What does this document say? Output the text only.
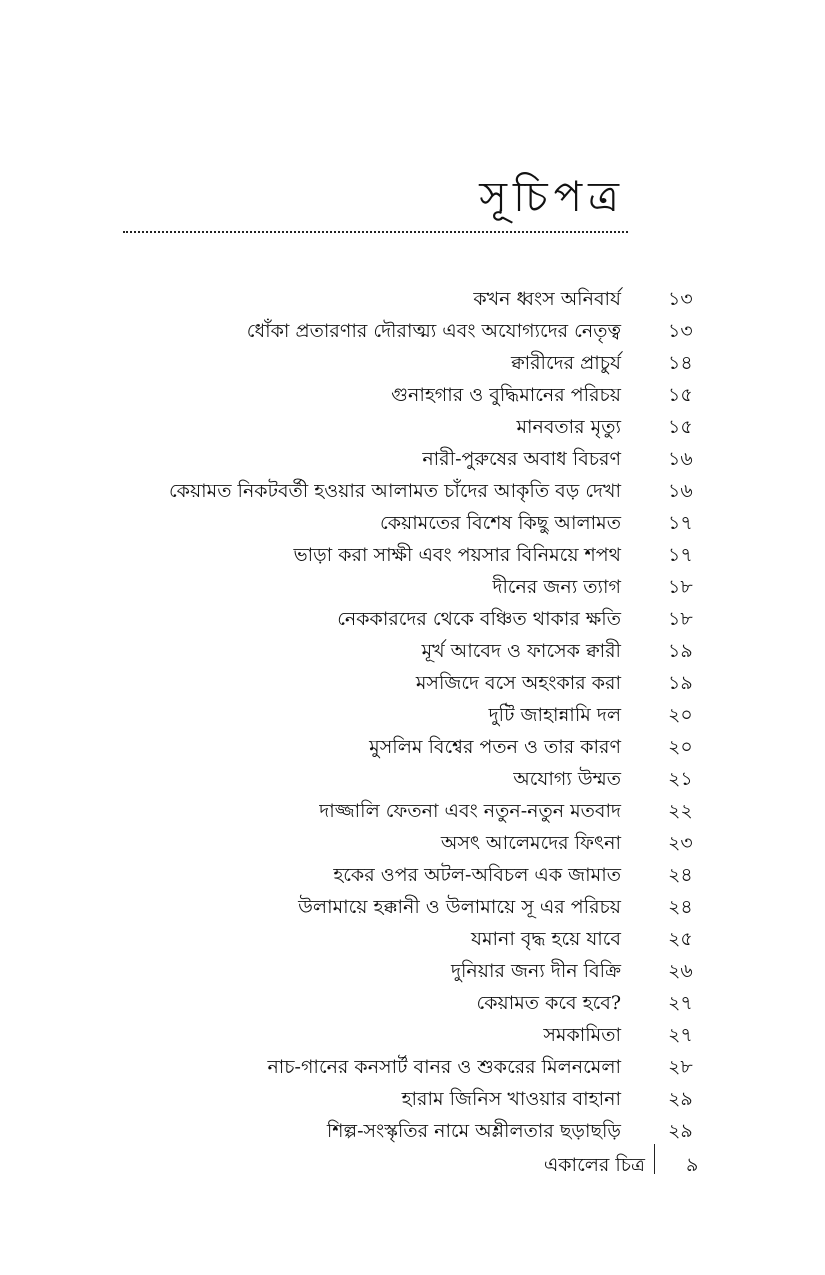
সূচিপত্র
কখন ধ্বংস অনিবার্য ১৩
ধোঁকা প্রতারণার দৌরাত্ম্য এবং অযোগ্যদের নেতৃত্ব ১৩
ক্বারীদের প্রাচুর্য ১৪
গুনাহগার ও বুদ্ধিমানের পরিচয় ১৫
মানবতার মৃত্যু ১৫
নারী-পুরুষের অবাধ বিচরণ ১৬
কেয়ামত নিকটবর্তী হওয়ার আলামত চাঁদের আকৃতি বড় দেখা ১৬
কেয়ামতের বিশেষ কিছু আলামত ১৭
ভাড়া করা সাক্ষী এবং পয়সার বিনিময়ে শপথ ১৭
দীনের জন্য ত্যাগ ১৮
নেককারদের থেকে বঞ্চিত থাকার ক্ষতি ১৮
মূর্খ আবেদ ও ফাসেক ক্বারী ১৯
মসজিদে বসে অহংকার করা ১৯
দুটি জাহান্নামি দল ২০
মুসলিম বিশ্বের পতন ও তার কারণ ২০
অযোগ্য উম্মত ২১
দাজ্জালি ফেতনা এবং নতুন-নতুন মতবাদ ২২
অসৎ আলেমদের ফিৎনা ২৩
হকের ওপর অটল-অবিচল এক জামাত ২৪
উলামায়ে হক্কানী ও উলামায়ে সূ এর পরিচয় ২৪
যমানা বৃদ্ধ হয়ে যাবে ২৫
দুনিয়ার জন্য দীন বিক্রি ২৬
কেয়ামত কবে হবে? ২৭
সমকামিতা ২৭
নাচ-গানের কনসার্ট বানর ও শুকরের মিলনমেলা ২৮
হারাম জিনিস খাওয়ার বাহানা ২৯
শিল্প-সংস্কৃতির নামে অশ্লীলতার ছড়াছড়ি ২৯
একালের চিত্র ৯
